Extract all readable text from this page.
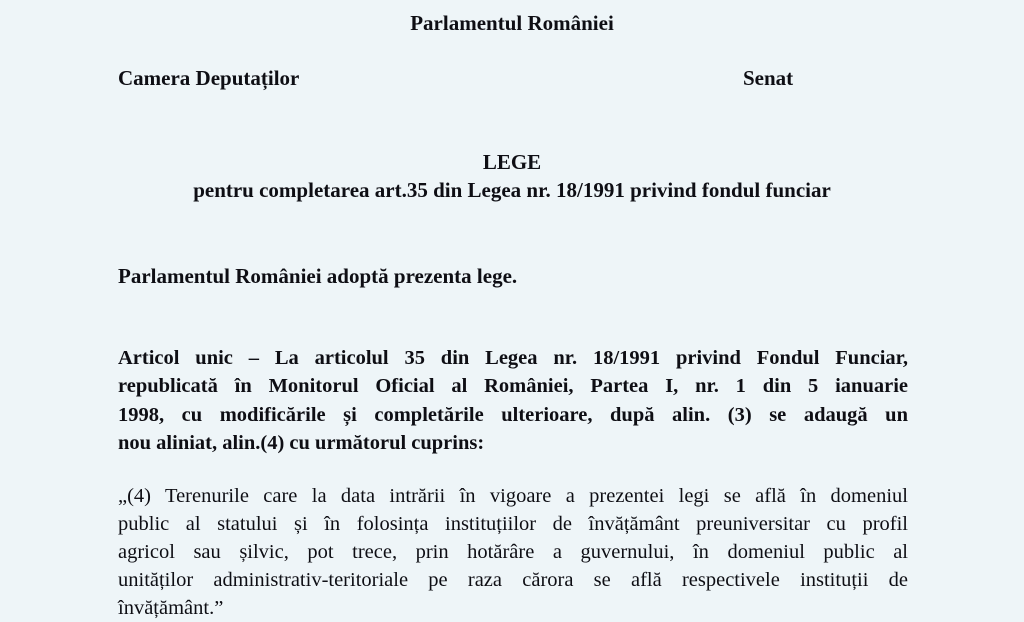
Parlamentul României
Camera Deputaților	Senat
LEGE
pentru completarea art.35 din Legea nr. 18/1991 privind fondul funciar
Parlamentul României adoptă prezenta lege.
Articol unic – La articolul 35 din Legea nr. 18/1991 privind Fondul Funciar,
republicată în Monitorul Oficial al României, Partea I, nr. 1 din 5 ianuarie
1998, cu modificările și completările ulterioare, după alin. (3) se adaugă un
nou aliniat, alin.(4) cu următorul cuprins:
„(4) Terenurile care la data intrării în vigoare a prezentei legi se află în domeniul
public al statului și în folosința instituțiilor de învățământ preuniversitar cu profil
agricol sau șilvic, pot trece, prin hotărâre a guvernului, în domeniul public al
unităților administrativ-teritoriale pe raza cărora se află respectivele instituții de
învățământ.”
